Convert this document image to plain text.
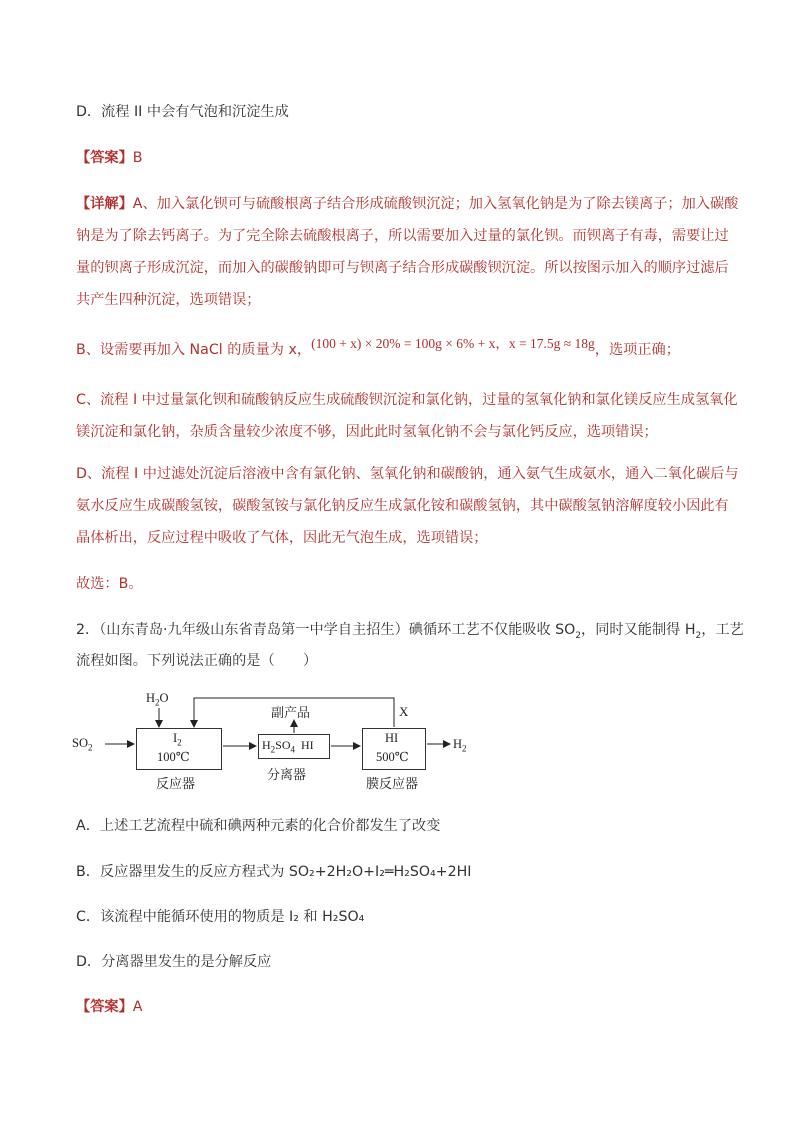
D．流程 II 中会有气泡和沉淀生成
【答案】B
【详解】A、加入氯化钡可与硫酸根离子结合形成硫酸钡沉淀；加入氢氧化钠是为了除去镁离子；加入碳酸
钠是为了除去钙离子。为了完全除去硫酸根离子，所以需要加入过量的氯化钡。而钡离子有毒，需要让过
量的钡离子形成沉淀，而加入的碳酸钠即可与钡离子结合形成碳酸钡沉淀。所以按图示加入的顺序过滤后
共产生四种沉淀，选项错误；
B、设需要再加入 NaCl 的质量为 x，(100 + x) × 20% = 100g × 6% + x，x = 17.5g ≈ 18g，选项正确；
C、流程 I 中过量氯化钡和硫酸钠反应生成硫酸钡沉淀和氯化钠，过量的氢氧化钠和氯化镁反应生成氢氧化
镁沉淀和氯化钠，杂质含量较少浓度不够，因此此时氢氧化钠不会与氯化钙反应，选项错误；
D、流程 I 中过滤处沉淀后溶液中含有氯化钠、氢氧化钠和碳酸钠，通入氨气生成氨水，通入二氧化碳后与
氨水反应生成碳酸氢铵，碳酸氢铵与氯化钠反应生成氯化铵和碳酸氢钠，其中碳酸氢钠溶解度较小因此有
晶体析出，反应过程中吸收了气体，因此无气泡生成，选项错误；
故选：B。
2．（山东青岛·九年级山东省青岛第一中学自主招生）碘循环工艺不仅能吸收 $SO_2$，同时又能制得 $H_2$，工艺
流程如图。下列说法正确的是（　　）
$SO_2$
$H_2O$
$I_2$
100℃
反应器
副产品	X
$H_2SO_4$ HI
分离器
HI
500℃
膜反应器
$H_2$
A．上述工艺流程中硫和碘两种元素的化合价都发生了改变
B．反应器里发生的反应方程式为 SO₂+2H₂O+I₂═H₂SO₄+2HI
C．该流程中能循环使用的物质是 I₂ 和 H₂SO₄
D．分离器里发生的是分解反应
【答案】A
